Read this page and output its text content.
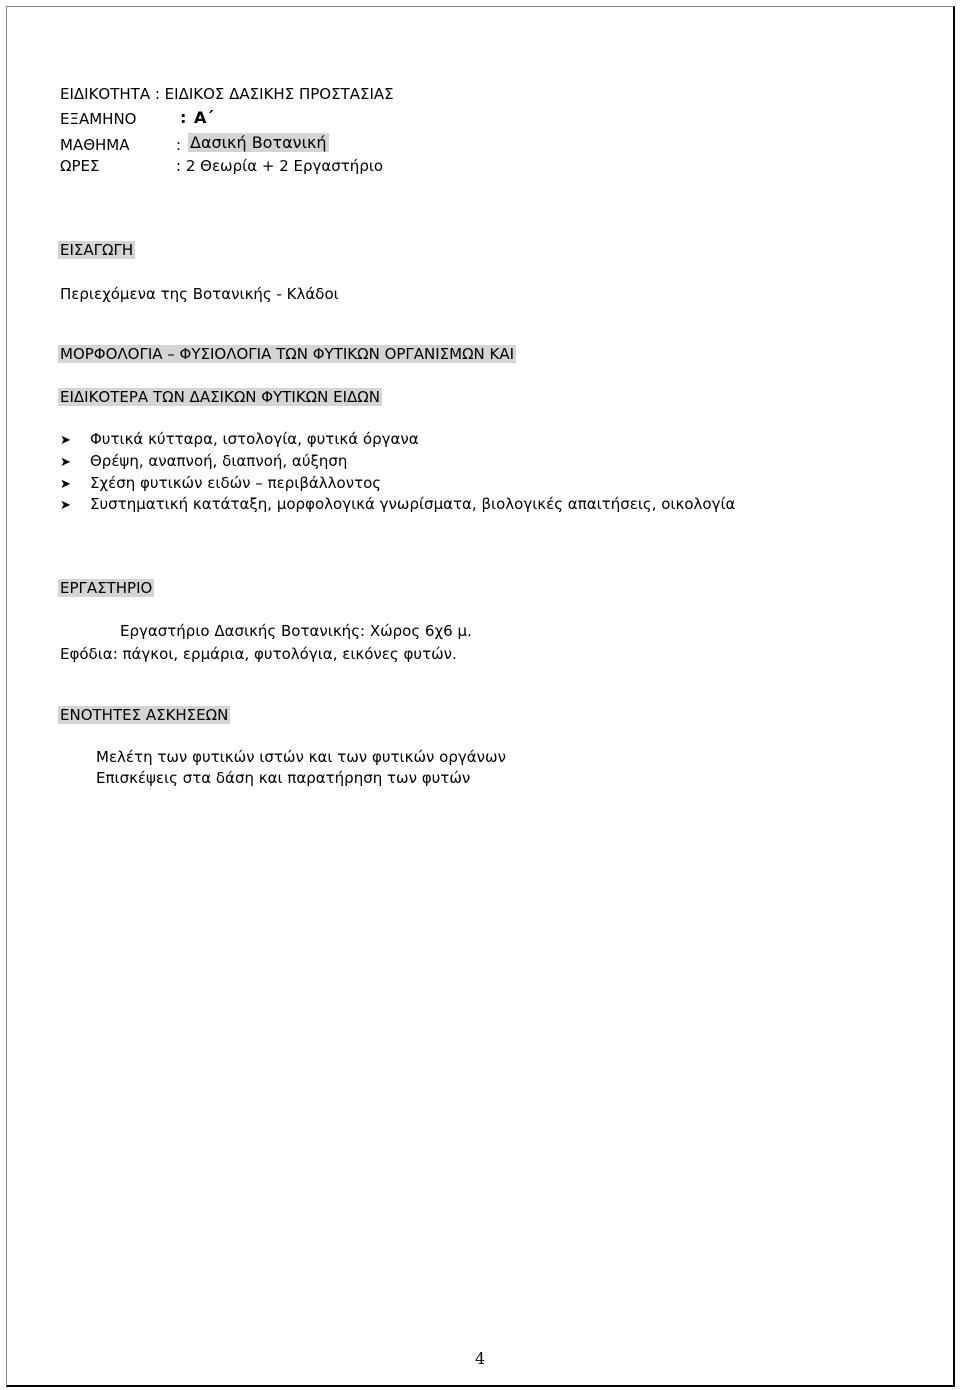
ΕΙΔΙΚΟΤΗΤΑ : ΕΙΔΙΚΟΣ ΔΑΣΙΚΗΣ ΠΡΟΣΤΑΣΙΑΣ
ΕΞΑΜΗΝΟ	: Α΄
ΜΑΘΗΜΑ	: Δασική Βοτανική
ΩΡΕΣ	: 2 Θεωρία + 2 Εργαστήριο
ΕΙΣΑΓΩΓΗ
Περιεχόμενα της Βοτανικής - Κλάδοι
ΜΟΡΦΟΛΟΓΙΑ – ΦΥΣΙΟΛΟΓΙΑ ΤΩΝ ΦΥΤΙΚΩΝ ΟΡΓΑΝΙΣΜΩΝ ΚΑΙ
ΕΙΔΙΚΟΤΕΡΑ ΤΩΝ ΔΑΣΙΚΩΝ ΦΥΤΙΚΩΝ ΕΙΔΩΝ
➤ Φυτικά κύτταρα, ιστολογία, φυτικά όργανα
➤ Θρέψη, αναπνοή, διαπνοή, αύξηση
➤ Σχέση φυτικών ειδών – περιβάλλοντος
➤ Συστηματική κατάταξη, μορφολογικά γνωρίσματα, βιολογικές απαιτήσεις, οικολογία
ΕΡΓΑΣΤΗΡΙΟ
Εργαστήριο Δασικής Βοτανικής: Χώρος 6χ6 μ.
Εφόδια: πάγκοι, ερμάρια, φυτολόγια, εικόνες φυτών.
ΕΝΟΤΗΤΕΣ ΑΣΚΗΣΕΩΝ
Μελέτη των φυτικών ιστών και των φυτικών οργάνων
Επισκέψεις στα δάση και παρατήρηση των φυτών
4
